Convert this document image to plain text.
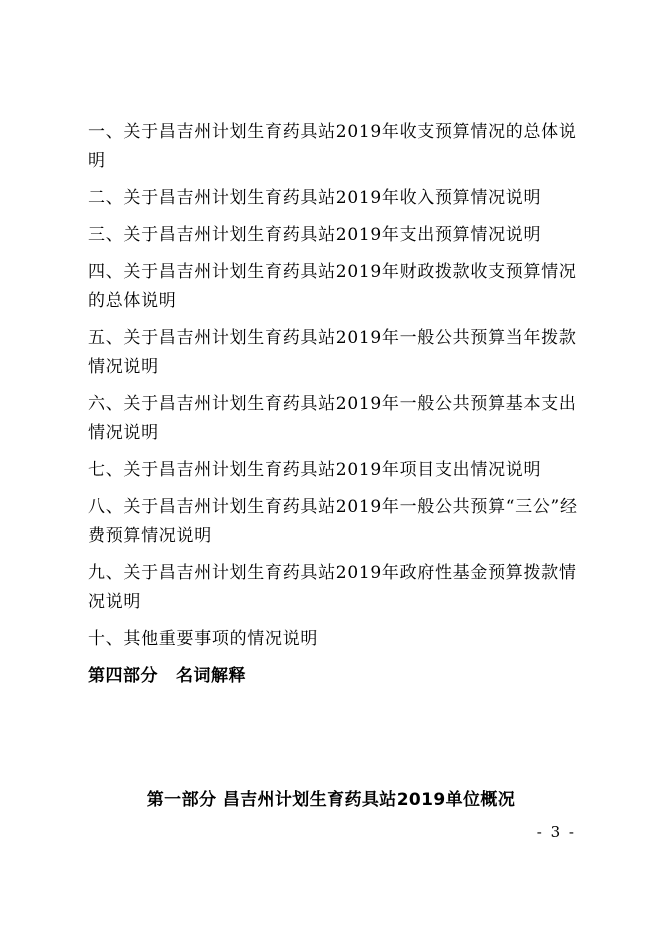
一、关于昌吉州计划生育药具站2019年收支预算情况的总体说明
二、关于昌吉州计划生育药具站2019年收入预算情况说明
三、关于昌吉州计划生育药具站2019年支出预算情况说明
四、关于昌吉州计划生育药具站2019年财政拨款收支预算情况的总体说明
五、关于昌吉州计划生育药具站2019年一般公共预算当年拨款情况说明
六、关于昌吉州计划生育药具站2019年一般公共预算基本支出情况说明
七、关于昌吉州计划生育药具站2019年项目支出情况说明
八、关于昌吉州计划生育药具站2019年一般公共预算“三公”经费预算情况说明
九、关于昌吉州计划生育药具站2019年政府性基金预算拨款情况说明
十、其他重要事项的情况说明
第四部分 名词解释
第一部分 昌吉州计划生育药具站2019单位概况
- 3 -
